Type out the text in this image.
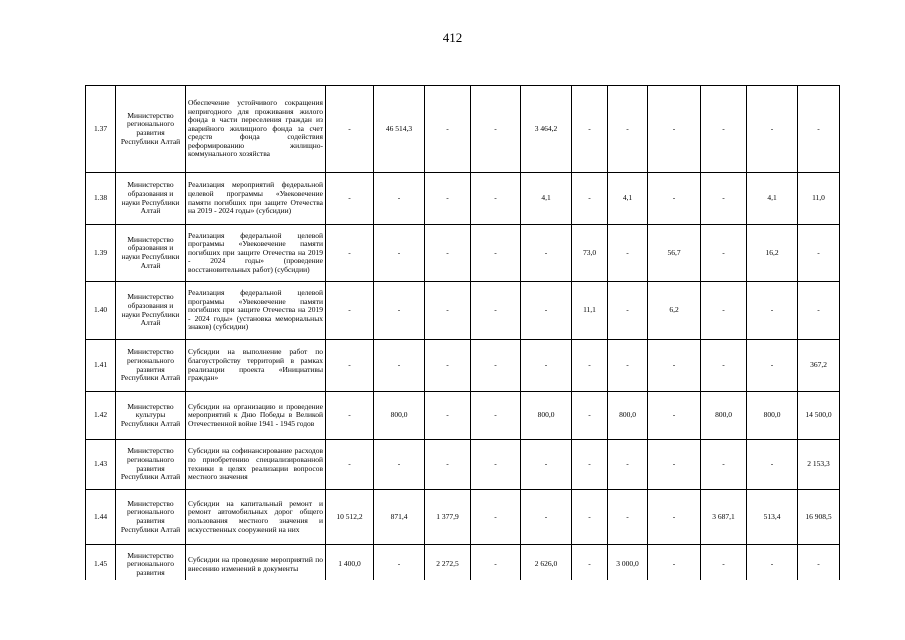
412
1.37	Министерство регионального развития Республики Алтай	Обеспечение устойчивого сокращения непригодного для проживания жилого фонда в части переселения граждан из аварийного жилищного фонда за счет средств фонда содействия реформированию жилищно-коммунального хозяйства	-	46 514,3	-	-	3 464,2	-	-	-	-	-	-
1.38	Министерство образования и науки Республики Алтай	Реализация мероприятий федеральной целевой программы «Увековечение памяти погибших при защите Отечества на 2019 - 2024 годы» (субсидии)	-	-	-	-	4,1	-	4,1	-	-	4,1	11,0
1.39	Министерство образования и науки Республики Алтай	Реализация федеральной целевой программы «Увековечение памяти погибших при защите Отечества на 2019 - 2024 годы» (проведение восстановительных работ) (субсидии)	-	-	-	-	-	73,0	-	56,7	-	16,2	-
1.40	Министерство образования и науки Республики Алтай	Реализация федеральной целевой программы «Увековечение памяти погибших при защите Отечества на 2019 - 2024 годы» (установка мемориальных знаков) (субсидии)	-	-	-	-	-	11,1	-	6,2	-	-	-
1.41	Министерство регионального развития Республики Алтай	Субсидии на выполнение работ по благоустройству территорий в рамках реализации проекта «Инициативы граждан»	-	-	-	-	-	-	-	-	-	-	367,2
1.42	Министерство культуры Республики Алтай	Субсидии на организацию и проведение мероприятий к Дню Победы в Великой Отечественной войне 1941 - 1945 годов	-	800,0	-	-	800,0	-	800,0	-	800,0	800,0	14 500,0
1.43	Министерство регионального развития Республики Алтай	Субсидии на софинансирование расходов по приобретению специализированной техники в целях реализации вопросов местного значения	-	-	-	-	-	-	-	-	-	-	2 153,3
1.44	Министерство регионального развития Республики Алтай	Субсидии на капитальный ремонт и ремонт автомобильных дорог общего пользования местного значения и искусственных сооружений на них	10 512,2	871,4	1 377,9	-	-	-	-	-	3 687,1	513,4	16 908,5
1.45	Министерство регионального развития	Субсидии на проведение мероприятий по внесению изменений в документы	1 400,0	-	2 272,5	-	2 626,0	-	3 000,0	-	-	-	-
